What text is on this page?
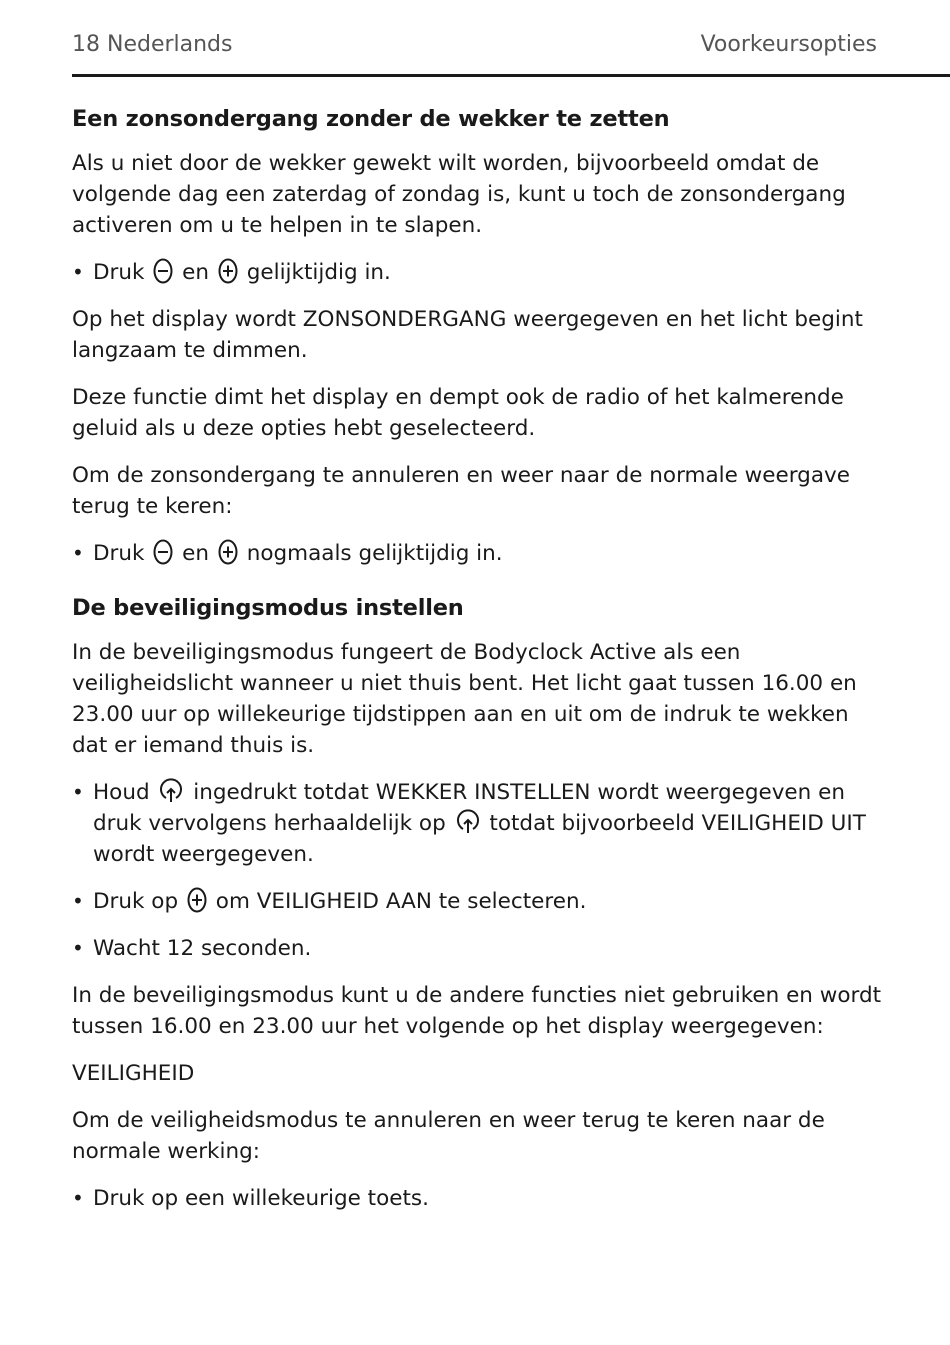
18 Nederlands	Voorkeursopties
Een zonsondergang zonder de wekker te zetten

Als u niet door de wekker gewekt wilt worden, bijvoorbeeld omdat de volgende dag een zaterdag of zondag is, kunt u toch de zonsondergang activeren om u te helpen in te slapen.

• Druk en gelijktijdig in.

Op het display wordt ZONSONDERGANG weergegeven en het licht begint langzaam te dimmen.

Deze functie dimt het display en dempt ook de radio of het kalmerende geluid als u deze opties hebt geselecteerd.

Om de zonsondergang te annuleren en weer naar de normale weergave terug te keren:

• Druk en nogmaals gelijktijdig in.
De beveiligingsmodus instellen

In de beveiligingsmodus fungeert de Bodyclock Active als een veiligheidslicht wanneer u niet thuis bent. Het licht gaat tussen 16.00 en 23.00 uur op willekeurige tijdstippen aan en uit om de indruk te wekken dat er iemand thuis is.

• Houd ingedrukt totdat WEKKER INSTELLEN wordt weergegeven en druk vervolgens herhaaldelijk op totdat bijvoorbeeld VEILIGHEID UIT wordt weergegeven.
• Druk op om VEILIGHEID AAN te selecteren.
• Wacht 12 seconden.

In de beveiligingsmodus kunt u de andere functies niet gebruiken en wordt tussen 16.00 en 23.00 uur het volgende op het display weergegeven:

VEILIGHEID

Om de veiligheidsmodus te annuleren en weer terug te keren naar de normale werking:

• Druk op een willekeurige toets.
